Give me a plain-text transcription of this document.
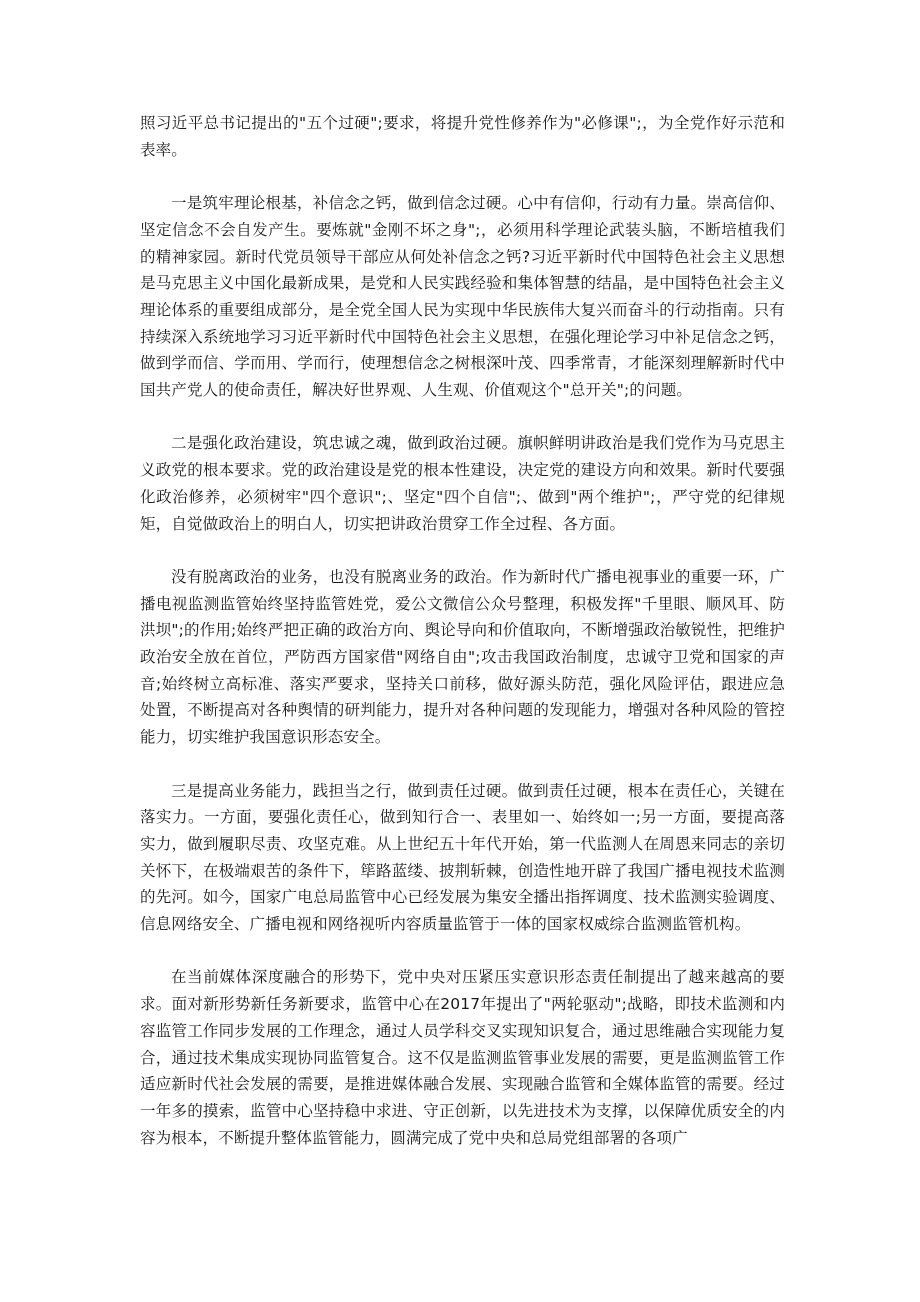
照习近平总书记提出的"五个过硬";要求，将提升党性修养作为"必修课";，为全党作好示范和表率。

一是筑牢理论根基，补信念之钙，做到信念过硬。心中有信仰，行动有力量。崇高信仰、坚定信念不会自发产生。要炼就"金刚不坏之身";，必须用科学理论武装头脑，不断培植我们的精神家园。新时代党员领导干部应从何处补信念之钙?习近平新时代中国特色社会主义思想是马克思主义中国化最新成果，是党和人民实践经验和集体智慧的结晶，是中国特色社会主义理论体系的重要组成部分，是全党全国人民为实现中华民族伟大复兴而奋斗的行动指南。只有持续深入系统地学习习近平新时代中国特色社会主义思想，在强化理论学习中补足信念之钙，做到学而信、学而用、学而行，使理想信念之树根深叶茂、四季常青，才能深刻理解新时代中国共产党人的使命责任，解决好世界观、人生观、价值观这个"总开关";的问题。

二是强化政治建设，筑忠诚之魂，做到政治过硬。旗帜鲜明讲政治是我们党作为马克思主义政党的根本要求。党的政治建设是党的根本性建设，决定党的建设方向和效果。新时代要强化政治修养，必须树牢"四个意识";、坚定"四个自信";、做到"两个维护";，严守党的纪律规矩，自觉做政治上的明白人，切实把讲政治贯穿工作全过程、各方面。

没有脱离政治的业务，也没有脱离业务的政治。作为新时代广播电视事业的重要一环，广播电视监测监管始终坚持监管姓党，爱公文微信公众号整理，积极发挥"千里眼、顺风耳、防洪坝";的作用;始终严把正确的政治方向、舆论导向和价值取向，不断增强政治敏锐性，把维护政治安全放在首位，严防西方国家借"网络自由";攻击我国政治制度，忠诚守卫党和国家的声音;始终树立高标准、落实严要求，坚持关口前移，做好源头防范，强化风险评估，跟进应急处置，不断提高对各种舆情的研判能力，提升对各种问题的发现能力，增强对各种风险的管控能力，切实维护我国意识形态安全。

三是提高业务能力，践担当之行，做到责任过硬。做到责任过硬，根本在责任心，关键在落实力。一方面，要强化责任心，做到知行合一、表里如一、始终如一;另一方面，要提高落实力，做到履职尽责、攻坚克难。从上世纪五十年代开始，第一代监测人在周恩来同志的亲切关怀下，在极端艰苦的条件下，筚路蓝缕、披荆斩棘，创造性地开辟了我国广播电视技术监测的先河。如今，国家广电总局监管中心已经发展为集安全播出指挥调度、技术监测实验调度、信息网络安全、广播电视和网络视听内容质量监管于一体的国家权威综合监测监管机构。

在当前媒体深度融合的形势下，党中央对压紧压实意识形态责任制提出了越来越高的要求。面对新形势新任务新要求，监管中心在2017年提出了"两轮驱动";战略，即技术监测和内容监管工作同步发展的工作理念，通过人员学科交叉实现知识复合，通过思维融合实现能力复合，通过技术集成实现协同监管复合。这不仅是监测监管事业发展的需要，更是监测监管工作适应新时代社会发展的需要，是推进媒体融合发展、实现融合监管和全媒体监管的需要。经过一年多的摸索，监管中心坚持稳中求进、守正创新，以先进技术为支撑，以保障优质安全的内容为根本，不断提升整体监管能力，圆满完成了党中央和总局党组部署的各项广
